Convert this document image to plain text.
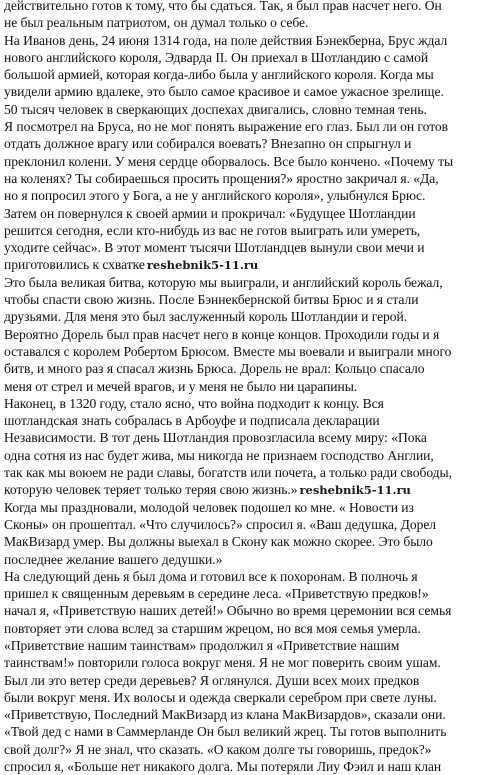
действительно готов к тому, что бы сдаться. Так, я был прав насчет него. Он
не был реальным патриотом, он думал только о себе.
На Иванов день, 24 июня 1314 года, на поле действия Бэнекберна, Брус ждал
нового английского короля, Эдварда II. Он приехал в Шотландию с самой
большой армией, которая когда-либо была у английского короля. Когда мы
увидели армию вдалеке, это было самое красивое и самое ужасное зрелище.
50 тысяч человек в сверкающих доспехах двигались, словно темная тень.
Я посмотрел на Бруса, но не мог понять выражение его глаз. Был ли он готов
отдать должное врагу или собирался воевать? Внезапно он спрыгнул и
преклонил колени. У меня сердце оборвалось. Все было кончено. «Почему ты
на коленях? Ты собираешься просить прощения?» яростно закричал я. «Да,
но я попросил этого у Бога, а не у английского короля», улыбнулся Брюс.
Затем он повернулся к своей армии и прокричал: «Будущее Шотландии
решится сегодня, если кто-нибудь из вас не готов выиграть или умереть,
уходите сейчас». В этот момент тысячи Шотландцев вынули свои мечи и
приготовились к схватке reshebnik5-11.ru
Это была великая битва, которую мы выиграли, и английский король бежал,
чтобы спасти свою жизнь. После Бэннекбернской битвы Брюс и я стали
друзьями. Для меня это был заслуженный король Шотландии и герой.
Вероятно Дорель был прав насчет него в конце концов. Проходили годы и я
оставался с королем Робертом Брюсом. Вместе мы воевали и выиграли много
битв, и много раз я спасал жизнь Брюса. Дорель не врал: Кольцо спасало
меня от стрел и мечей врагов, и у меня не было ни царапины.
Наконец, в 1320 году, стало ясно, что война подходит к концу. Вся
шотландская знать собралась в Арбоуфе и подписала декларации
Независимости. В тот день Шотландия провозгласила всему миру: «Пока
одна сотня из нас будет жива, мы никогда не признаем господство Англии,
так как мы воюем не ради славы, богатств или почета, а только ради свободы,
которую человек теряет только теряя свою жизнь.» reshebnik5-11.ru
Когда мы праздновали, молодой человек подошел ко мне. « Новости из
Сконы» он прошептал. «Что случилось?» спросил я. «Ваш дедушка, Дорел
МакВизард умер. Вы должны выехал в Скону как можно скорее. Это было
последнее желание вашего дедушки.»
На следующий день я был дома и готовил все к похоронам. В полночь я
пришел к священным деревьям в середине леса. «Приветствую предков!»
начал я, «Приветствую наших детей!» Обычно во время церемонии вся семья
повторяет эти слова вслед за старшим жрецом, но вся моя семья умерла.
«Приветствие нашим таинствам» продолжил я «Приветствие нашим
таинствам!» повторили голоса вокруг меня. Я не мог поверить своим ушам.
Был ли это ветер среди деревьев? Я оглянулся. Души всех моих предков
были вокруг меня. Их волосы и одежда сверкали серебром при свете луны.
«Приветствую, Последний МакВизард из клана МакВизардов», сказали они.
«Твой дед с нами в Саммерланде Он был великий жрец. Ты готов выполнить
свой долг?» Я не знал, что сказать. «О каком долге ты говоришь, предок?»
спросил я, «Больше нет никакого долга. Мы потеряли Лиу Фэил и наш клан
